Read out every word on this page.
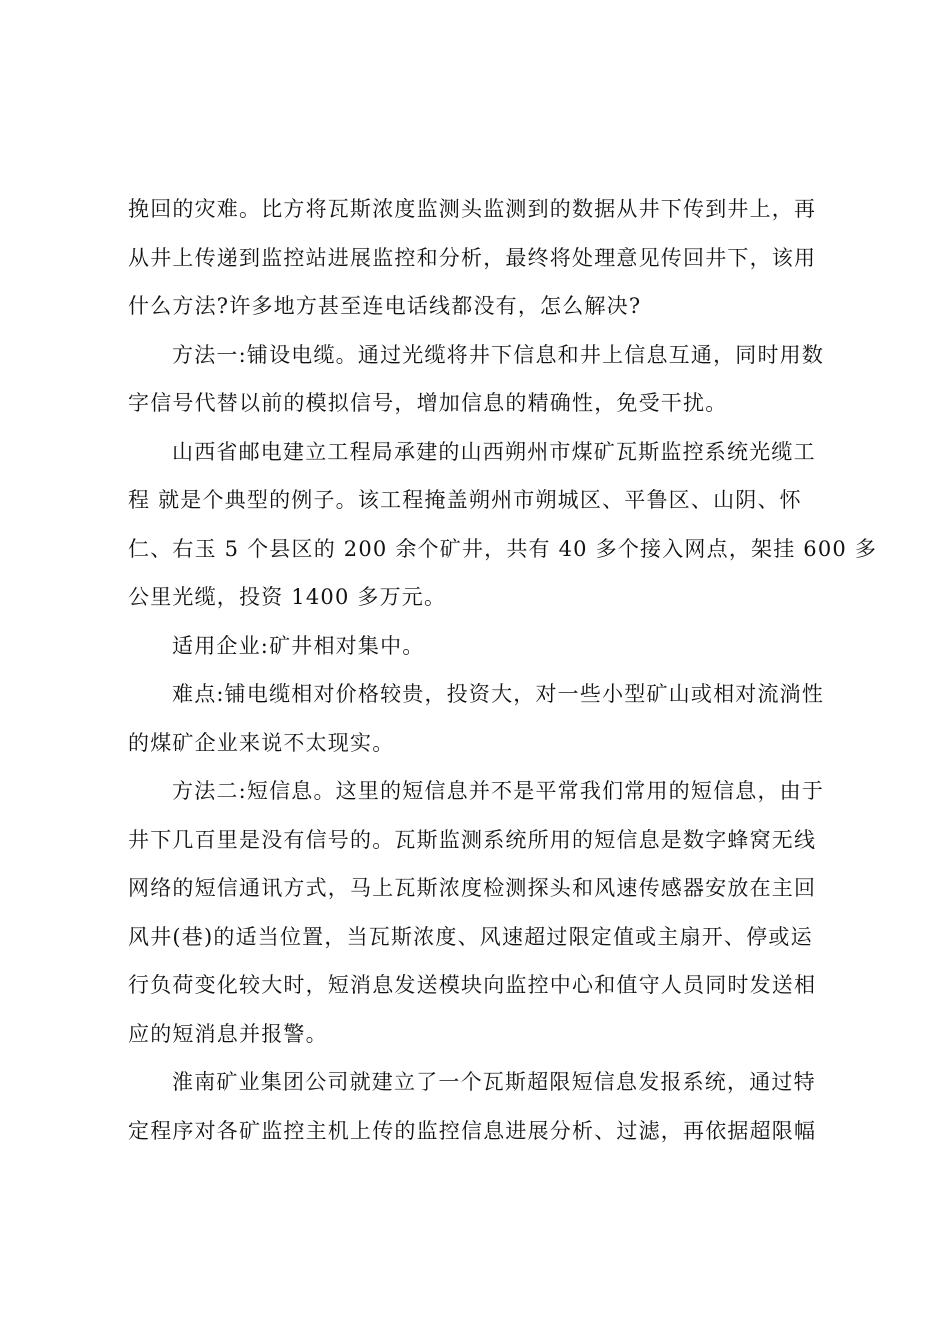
挽回的灾难。比方将瓦斯浓度监测头监测到的数据从井下传到井上，再
从井上传递到监控站进展监控和分析，最终将处理意见传回井下，该用
什么方法?许多地方甚至连电话线都没有，怎么解决?
方法一:铺设电缆。通过光缆将井下信息和井上信息互通，同时用数
字信号代替以前的模拟信号，增加信息的精确性，免受干扰。
山西省邮电建立工程局承建的山西朔州市煤矿瓦斯监控系统光缆工
程 就是个典型的例子。该工程掩盖朔州市朔城区、平鲁区、山阴、怀
仁、右玉 5 个县区的 200 余个矿井，共有 40 多个接入网点，架挂 600 多
公里光缆，投资 1400 多万元。
适用企业:矿井相对集中。
难点:铺电缆相对价格较贵，投资大，对一些小型矿山或相对流淌性
的煤矿企业来说不太现实。
方法二:短信息。这里的短信息并不是平常我们常用的短信息，由于
井下几百里是没有信号的。瓦斯监测系统所用的短信息是数字蜂窝无线
网络的短信通讯方式，马上瓦斯浓度检测探头和风速传感器安放在主回
风井(巷)的适当位置，当瓦斯浓度、风速超过限定值或主扇开、停或运
行负荷变化较大时，短消息发送模块向监控中心和值守人员同时发送相
应的短消息并报警。
淮南矿业集团公司就建立了一个瓦斯超限短信息发报系统，通过特
定程序对各矿监控主机上传的监控信息进展分析、过滤，再依据超限幅
